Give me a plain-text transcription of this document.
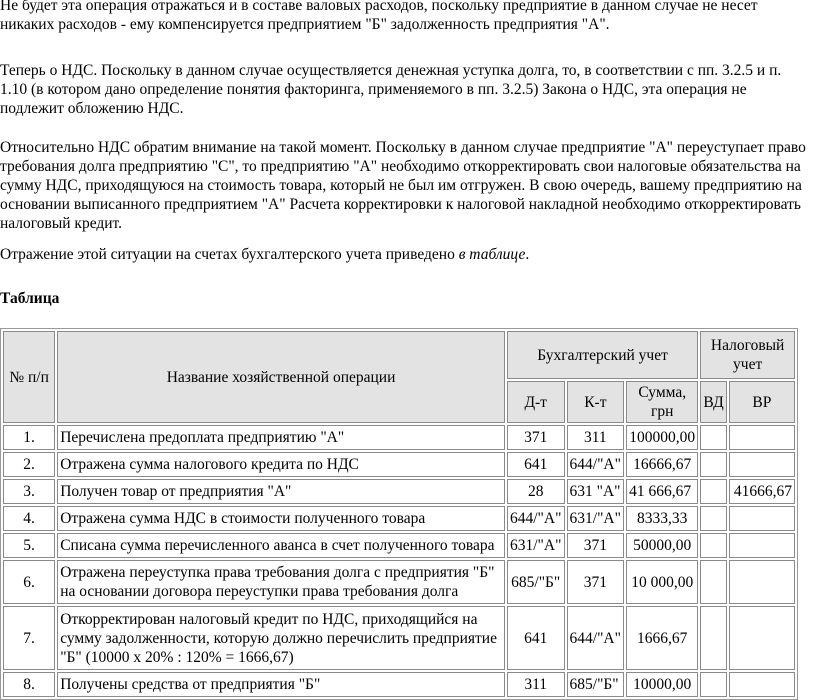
Не будет эта операция отражаться и в составе валовых расходов, поскольку предприятие в данном случае не несет никаких расходов - ему компенсируется предприятием "Б" задолженность предприятия "А".

Теперь о НДС. Поскольку в данном случае осуществляется денежная уступка долга, то, в соответствии с пп. 3.2.5 и п. 1.10 (в котором дано определение понятия факторинга, применяемого в пп. 3.2.5) Закона о НДС, эта операция не подлежит обложению НДС.

Относительно НДС обратим внимание на такой момент. Поскольку в данном случае предприятие "А" переуступает право требования долга предприятию "С", то предприятию "А" необходимо откорректировать свои налоговые обязательства на сумму НДС, приходящуюся на стоимость товара, который не был им отгружен. В свою очередь, вашему предприятию на основании выписанного предприятием "А" Расчета корректировки к налоговой накладной необходимо откорректировать налоговый кредит.

Отражение этой ситуации на счетах бухгалтерского учета приведено в таблице.

Таблица

№ п/п	Название хозяйственной операции	Бухгалтерский учет			Налоговый учет	
		Д-т	К-т	Сумма, грн	ВД	ВР
1.	Перечислена предоплата предприятию "А"	371	311	100000,00		
2.	Отражена сумма налогового кредита по НДС	641	644/"А"	16666,67		
3.	Получен товар от предприятия "А"	28	631 "А"	41 666,67		41666,67
4.	Отражена сумма НДС в стоимости полученного товара	644/"А"	631/"А"	8333,33		
5.	Списана сумма перечисленного аванса в счет полученного товара	631/"А"	371	50000,00		
6.	Отражена переуступка права требования долга с предприятия "Б" на основании договора переуступки права требования долга	685/"Б"	371	10 000,00		
7.	Откорректирован налоговый кредит по НДС, приходящийся на сумму задолженности, которую должно перечислить предприятие "Б" (10000 х 20% : 120% = 1666,67)	641	644/"А"	1666,67		
8.	Получены средства от предприятия "Б"	311	685/"Б"	10000,00		
